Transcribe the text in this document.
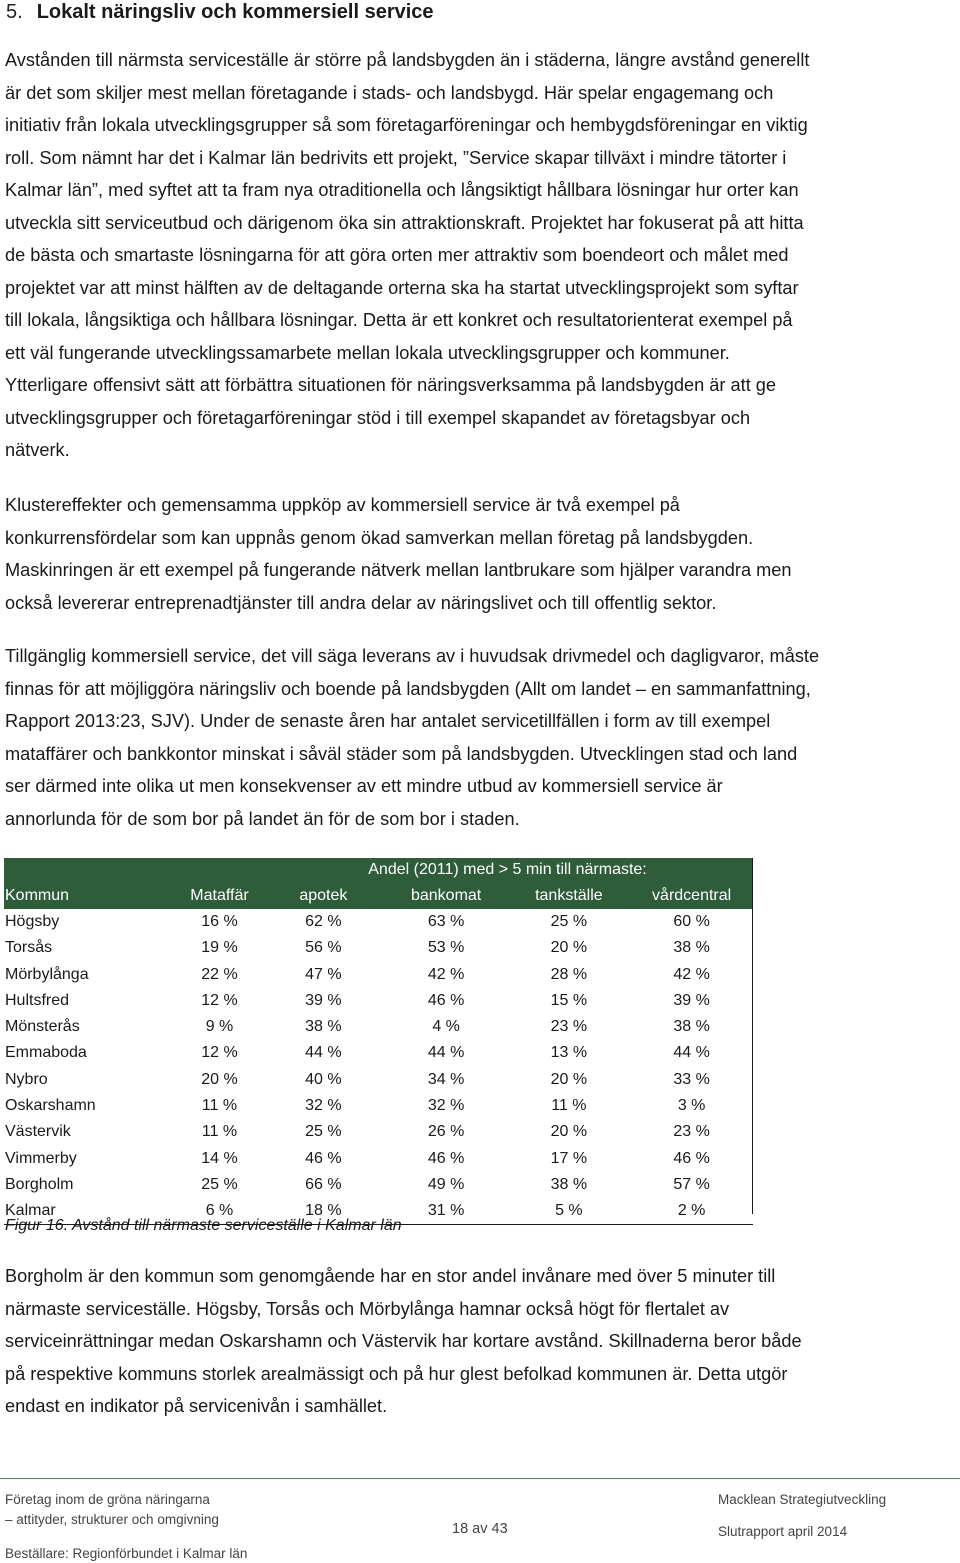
5. Lokalt näringsliv och kommersiell service
Avstånden till närmsta serviceställe är större på landsbygden än i städerna, längre avstånd generellt
är det som skiljer mest mellan företagande i stads- och landsbygd. Här spelar engagemang och
initiativ från lokala utvecklingsgrupper så som företagarföreningar och hembygdsföreningar en viktig
roll. Som nämnt har det i Kalmar län bedrivits ett projekt, ”Service skapar tillväxt i mindre tätorter i
Kalmar län”, med syftet att ta fram nya otraditionella och långsiktigt hållbara lösningar hur orter kan
utveckla sitt serviceutbud och därigenom öka sin attraktionskraft. Projektet har fokuserat på att hitta
de bästa och smartaste lösningarna för att göra orten mer attraktiv som boendeort och målet med
projektet var att minst hälften av de deltagande orterna ska ha startat utvecklingsprojekt som syftar
till lokala, långsiktiga och hållbara lösningar. Detta är ett konkret och resultatorienterat exempel på
ett väl fungerande utvecklingssamarbete mellan lokala utvecklingsgrupper och kommuner.
Ytterligare offensivt sätt att förbättra situationen för näringsverksamma på landsbygden är att ge
utvecklingsgrupper och företagarföreningar stöd i till exempel skapandet av företagsbyar och
nätverk.
Klustereffekter och gemensamma uppköp av kommersiell service är två exempel på
konkurrensfördelar som kan uppnås genom ökad samverkan mellan företag på landsbygden.
Maskinringen är ett exempel på fungerande nätverk mellan lantbrukare som hjälper varandra men
också levererar entreprenadtjänster till andra delar av näringslivet och till offentlig sektor.
Tillgänglig kommersiell service, det vill säga leverans av i huvudsak drivmedel och dagligvaror, måste
finnas för att möjliggöra näringsliv och boende på landsbygden (Allt om landet – en sammanfattning,
Rapport 2013:23, SJV). Under de senaste åren har antalet servicetillfällen i form av till exempel
mataffärer och bankkontor minskat i såväl städer som på landsbygden. Utvecklingen stad och land
ser därmed inte olika ut men konsekvenser av ett mindre utbud av kommersiell service är
annorlunda för de som bor på landet än för de som bor i staden.
Borgholm är den kommun som genomgående har en stor andel invånare med över 5 minuter till
närmaste serviceställe. Högsby, Torsås och Mörbylånga hamnar också högt för flertalet av
serviceinrättningar medan Oskarshamn och Västervik har kortare avstånd. Skillnaderna beror både
på respektive kommuns storlek arealmässigt och på hur glest befolkad kommunen är. Detta utgör
endast en indikator på servicenivån i samhället.
		Andel (2011) med > 5 min till närmaste:			
Kommun	Mataffär	apotek	bankomat	tankställe	vårdcentral
Högsby	16 %	62 %	63 %	25 %	60 %
Torsås	19 %	56 %	53 %	20 %	38 %
Mörbylånga	22 %	47 %	42 %	28 %	42 %
Hultsfred	12 %	39 %	46 %	15 %	39 %
Mönsterås	9 %	38 %	4 %	23 %	38 %
Emmaboda	12 %	44 %	44 %	13 %	44 %
Nybro	20 %	40 %	34 %	20 %	33 %
Oskarshamn	11 %	32 %	32 %	11 %	3 %
Västervik	11 %	25 %	26 %	20 %	23 %
Vimmerby	14 %	46 %	46 %	17 %	46 %
Borgholm	25 %	66 %	49 %	38 %	57 %
Kalmar	6 %	18 %	31 %	5 %	2 %
Figur 16. Avstånd till närmaste serviceställe i Kalmar län
Företag inom de gröna näringarna
– attityder, strukturer och omgivning
Beställare: Regionförbundet i Kalmar län
18 av 43
Macklean Strategiutveckling
Slutrapport april 2014
